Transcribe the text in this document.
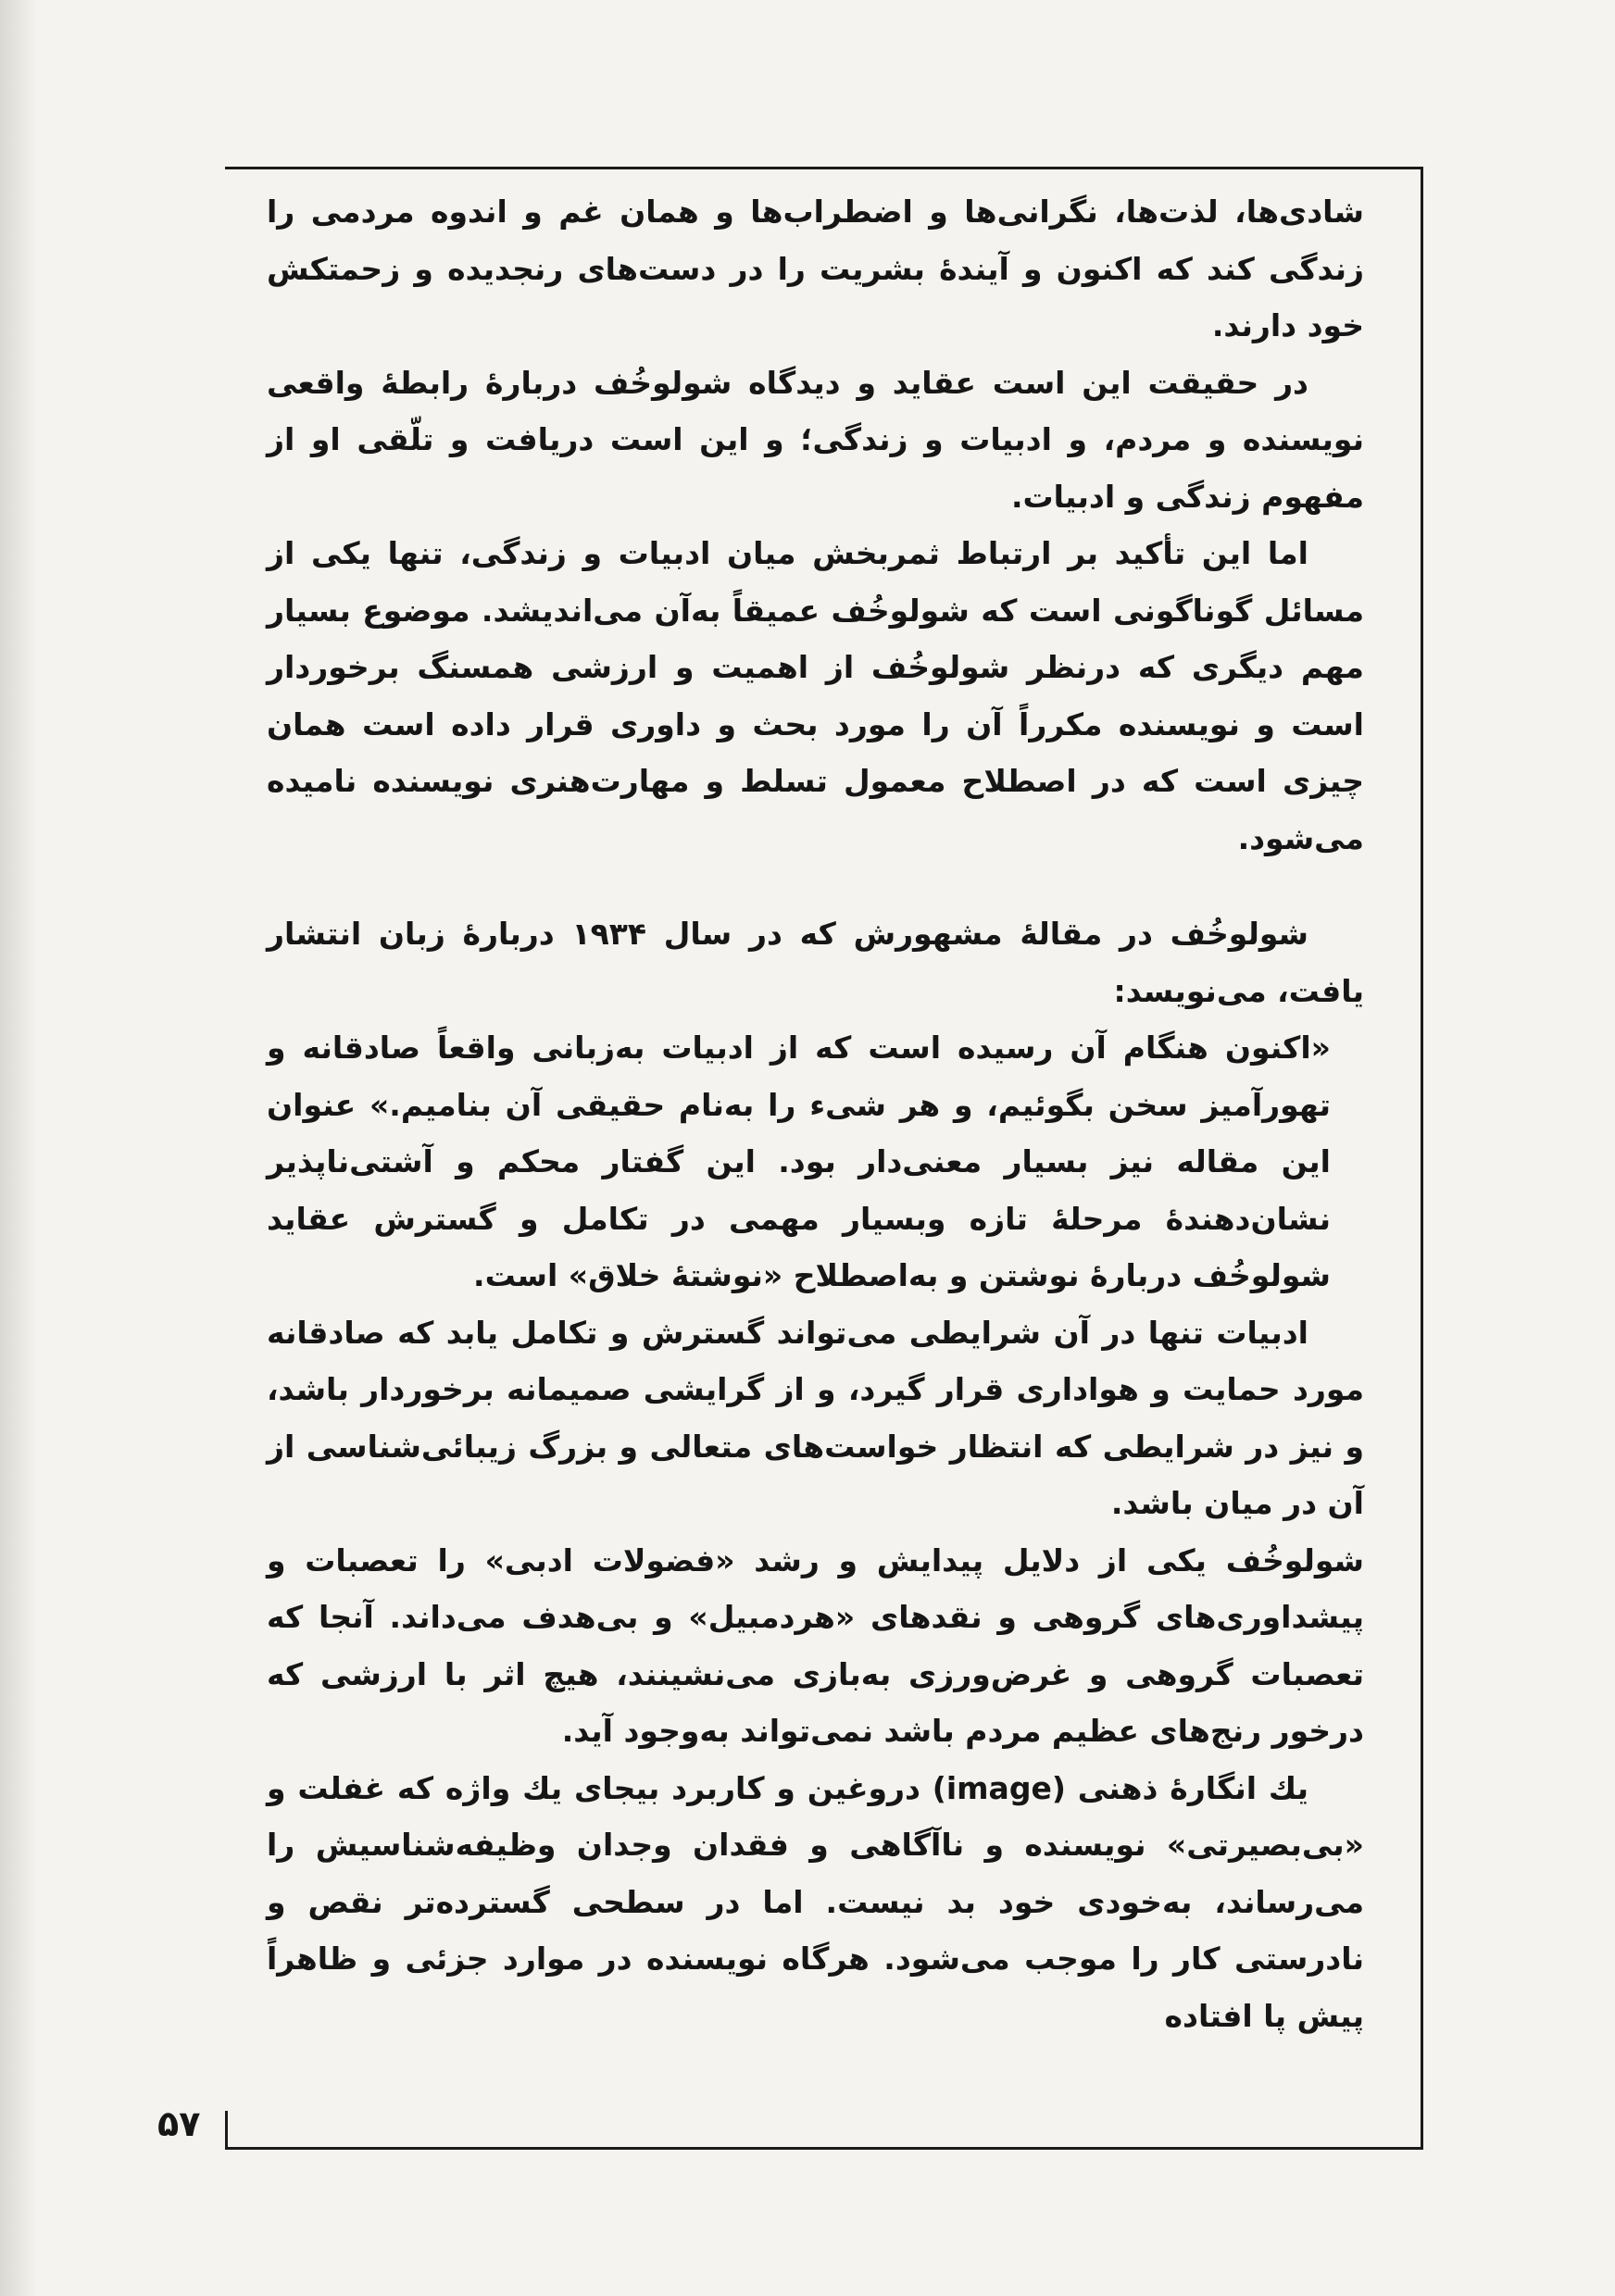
شادی‌ها، لذت‌ها، نگرانی‌ها و اضطراب‌ها و همان غم و اندوه مردمی را زندگی کند که اکنون و آیندهٔ بشریت را در دست‌های رنجدیده و زحمتکش خود دارند.

در حقیقت این است عقاید و دیدگاه شولوخُف دربارهٔ رابطهٔ واقعی نویسنده و مردم، و ادبیات و زندگی؛ و این است دریافت و تلّقی او از مفهوم زندگی و ادبیات.

اما این تأکید بر ارتباط ثمربخش میان ادبیات و زندگی، تنها یکی از مسائل گوناگونی است که شولوخُف عمیقاً به‌آن می‌اندیشد. موضوع بسیار مهم دیگری که درنظر شولوخُف از اهمیت و ارزشی همسنگ برخوردار است و نویسنده مکرراً آن را مورد بحث و داوری قرار داده است همان چیزی است که در اصطلاح معمول تسلط و مهارت‌هنری نویسنده نامیده می‌شود.

شولوخُف در مقالهٔ مشهورش که در سال ۱۹۳۴ دربارهٔ زبان انتشار یافت، می‌نویسد:

«اکنون هنگام آن رسیده است که از ادبیات به‌زبانی واقعاً صادقانه و تهورآمیز سخن بگوئیم، و هر شیء را به‌نام حقیقی آن بنامیم.» عنوان این مقاله نیز بسیار معنی‌دار بود. این گفتار محکم و آشتی‌ناپذیر نشان‌دهندهٔ مرحلهٔ تازه وبسیار مهمی در تکامل و گسترش عقاید شولوخُف دربارهٔ نوشتن و به‌اصطلاح «نوشتهٔ خلاق» است.

ادبیات تنها در آن شرایطی می‌تواند گسترش و تکامل یابد که صادقانه مورد حمایت و هواداری قرار گیرد، و از گرایشی صمیمانه برخوردار باشد، و نیز در شرایطی که انتظار خواست‌های متعالی و بزرگ زیبائی‌شناسی از آن در میان باشد.

شولوخُف یکی از دلایل پیدایش و رشد «فضولات ادبی» را تعصبات و پیشداوری‌های گروهی و نقدهای «هردمبیل» و بی‌هدف می‌داند. آنجا که تعصبات گروهی و غرض‌ورزی به‌بازی می‌نشینند، هیچ اثر با ارزشی که درخور رنج‌های عظیم مردم باشد نمی‌تواند به‌وجود آید.

یك انگارهٔ ذهنی (image) دروغین و کاربرد بیجای یك واژه که غفلت و «بی‌بصیرتی» نویسنده و ناآگاهی و فقدان وجدان وظیفه‌شناسیش را می‌رساند، به‌خودی خود بد نیست. اما در سطحی گسترده‌تر نقص و نادرستی کار را موجب می‌شود. هرگاه نویسنده در موارد جزئی و ظاهراً پیش پا افتاده

۵۷
